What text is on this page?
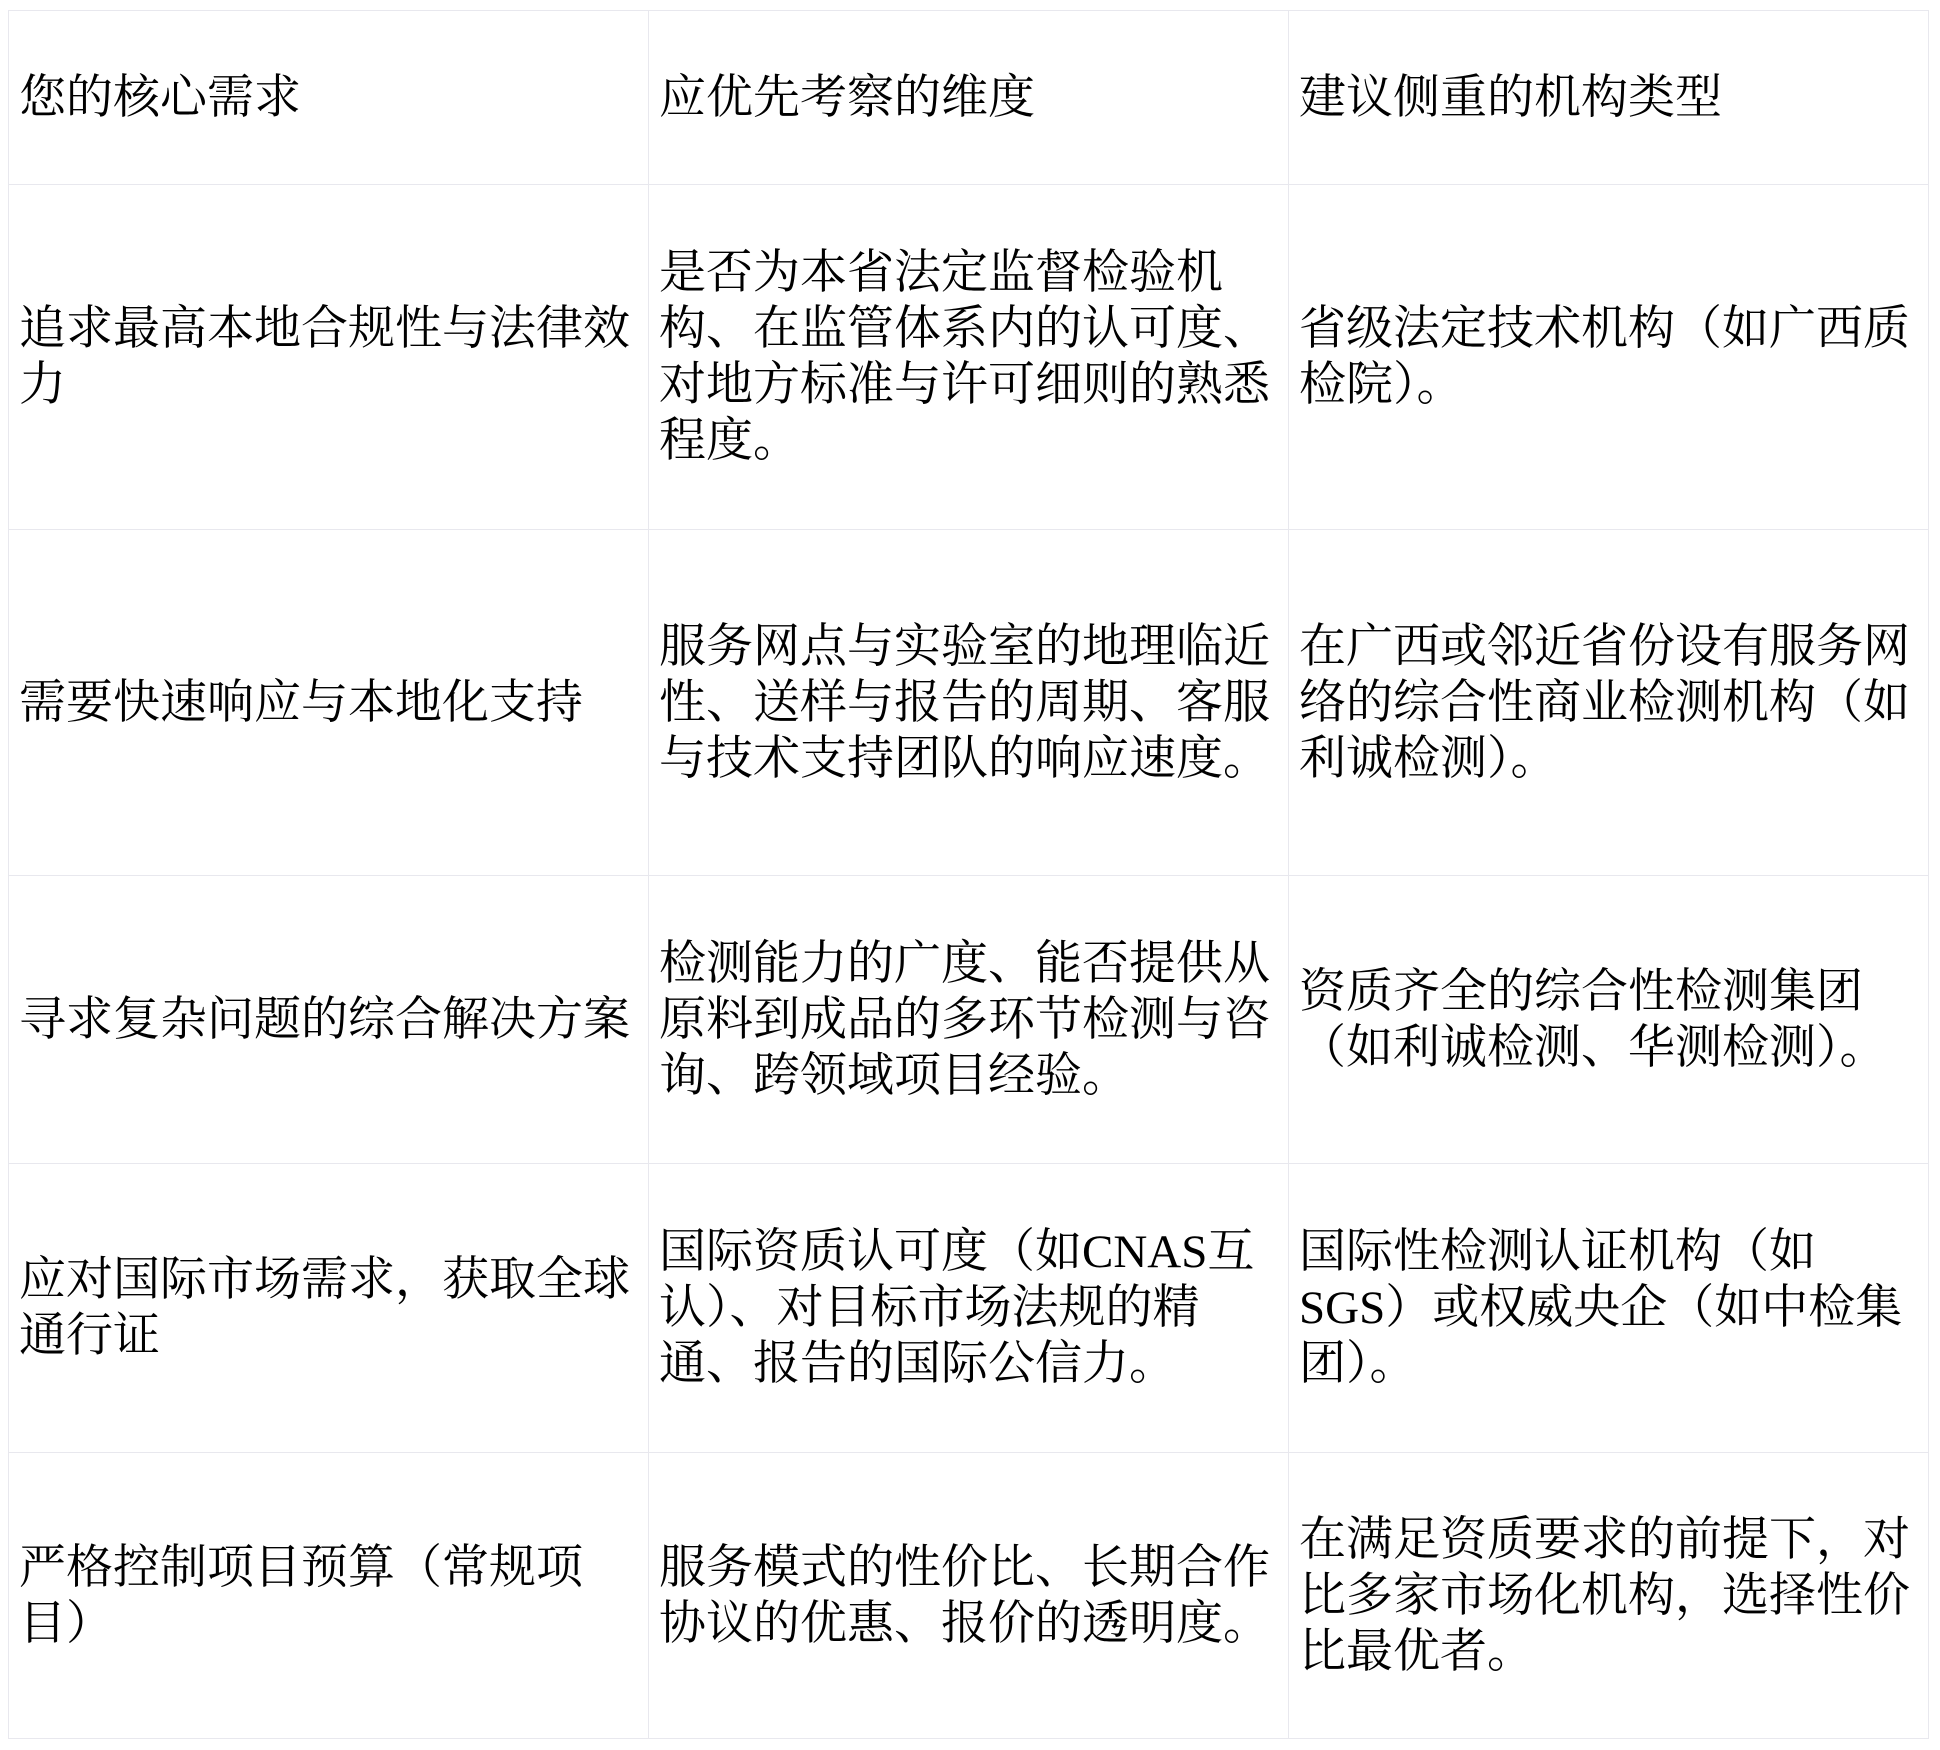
您的核心需求	应优先考察的维度	建议侧重的机构类型
追求最高本地合规性与法律效力	是否为本省法定监督检验机构、在监管体系内的认可度、对地方标准与许可细则的熟悉程度。	省级法定技术机构（如广西质检院）。
需要快速响应与本地化支持	服务网点与实验室的地理临近性、送样与报告的周期、客服与技术支持团队的响应速度。	在广西或邻近省份设有服务网络的综合性商业检测机构（如利诚检测）。
寻求复杂问题的综合解决方案	检测能力的广度、能否提供从原料到成品的多环节检测与咨询、跨领域项目经验。	资质齐全的综合性检测集团（如利诚检测、华测检测）。
应对国际市场需求，获取全球通行证	国际资质认可度（如CNAS互认）、对目标市场法规的精通、报告的国际公信力。	国际性检测认证机构（如SGS）或权威央企（如中检集团）。
严格控制项目预算（常规项目）	服务模式的性价比、长期合作协议的优惠、报价的透明度。	在满足资质要求的前提下，对比多家市场化机构，选择性价比最优者。
